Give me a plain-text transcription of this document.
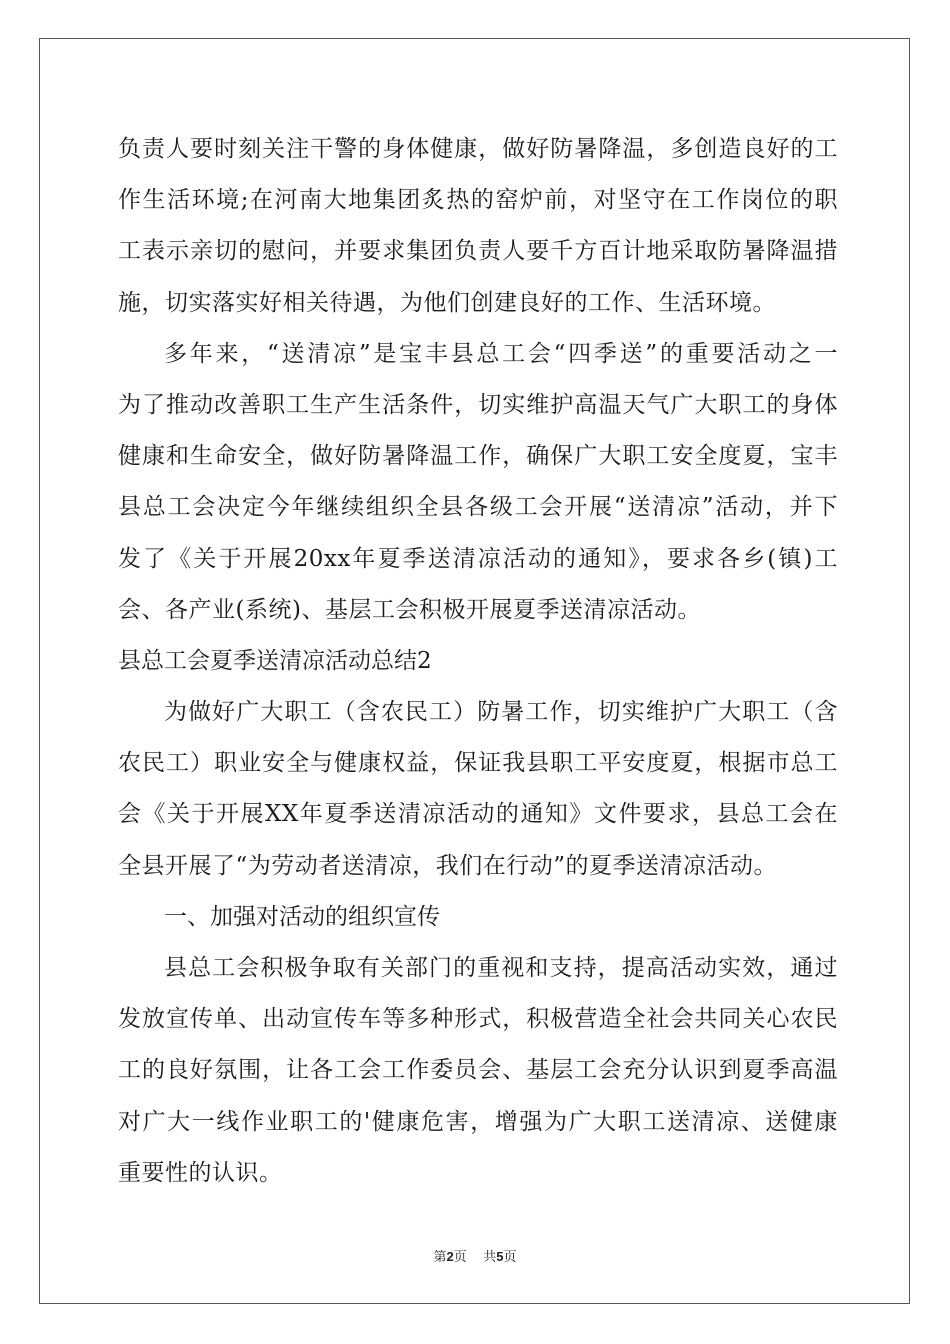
负责人要时刻关注干警的身体健康，做好防暑降温，多创造良好的工
作生活环境;在河南大地集团炙热的窑炉前，对坚守在工作岗位的职
工表示亲切的慰问，并要求集团负责人要千方百计地采取防暑降温措
施，切实落实好相关待遇，为他们创建良好的工作、生活环境。
多年来，“送清凉”是宝丰县总工会“四季送”的重要活动之一
为了推动改善职工生产生活条件，切实维护高温天气广大职工的身体
健康和生命安全，做好防暑降温工作，确保广大职工安全度夏，宝丰
县总工会决定今年继续组织全县各级工会开展“送清凉”活动，并下
发了《关于开展20xx年夏季送清凉活动的通知》，要求各乡(镇)工
会、各产业(系统)、基层工会积极开展夏季送清凉活动。
县总工会夏季送清凉活动总结2
为做好广大职工（含农民工）防暑工作，切实维护广大职工（含
农民工）职业安全与健康权益，保证我县职工平安度夏，根据市总工
会《关于开展XX年夏季送清凉活动的通知》文件要求，县总工会在
全县开展了“为劳动者送清凉，我们在行动”的夏季送清凉活动。
一、加强对活动的组织宣传
县总工会积极争取有关部门的重视和支持，提高活动实效，通过
发放宣传单、出动宣传车等多种形式，积极营造全社会共同关心农民
工的良好氛围，让各工会工作委员会、基层工会充分认识到夏季高温
对广大一线作业职工的'健康危害，增强为广大职工送清凉、送健康
重要性的认识。
第2页 共5页
